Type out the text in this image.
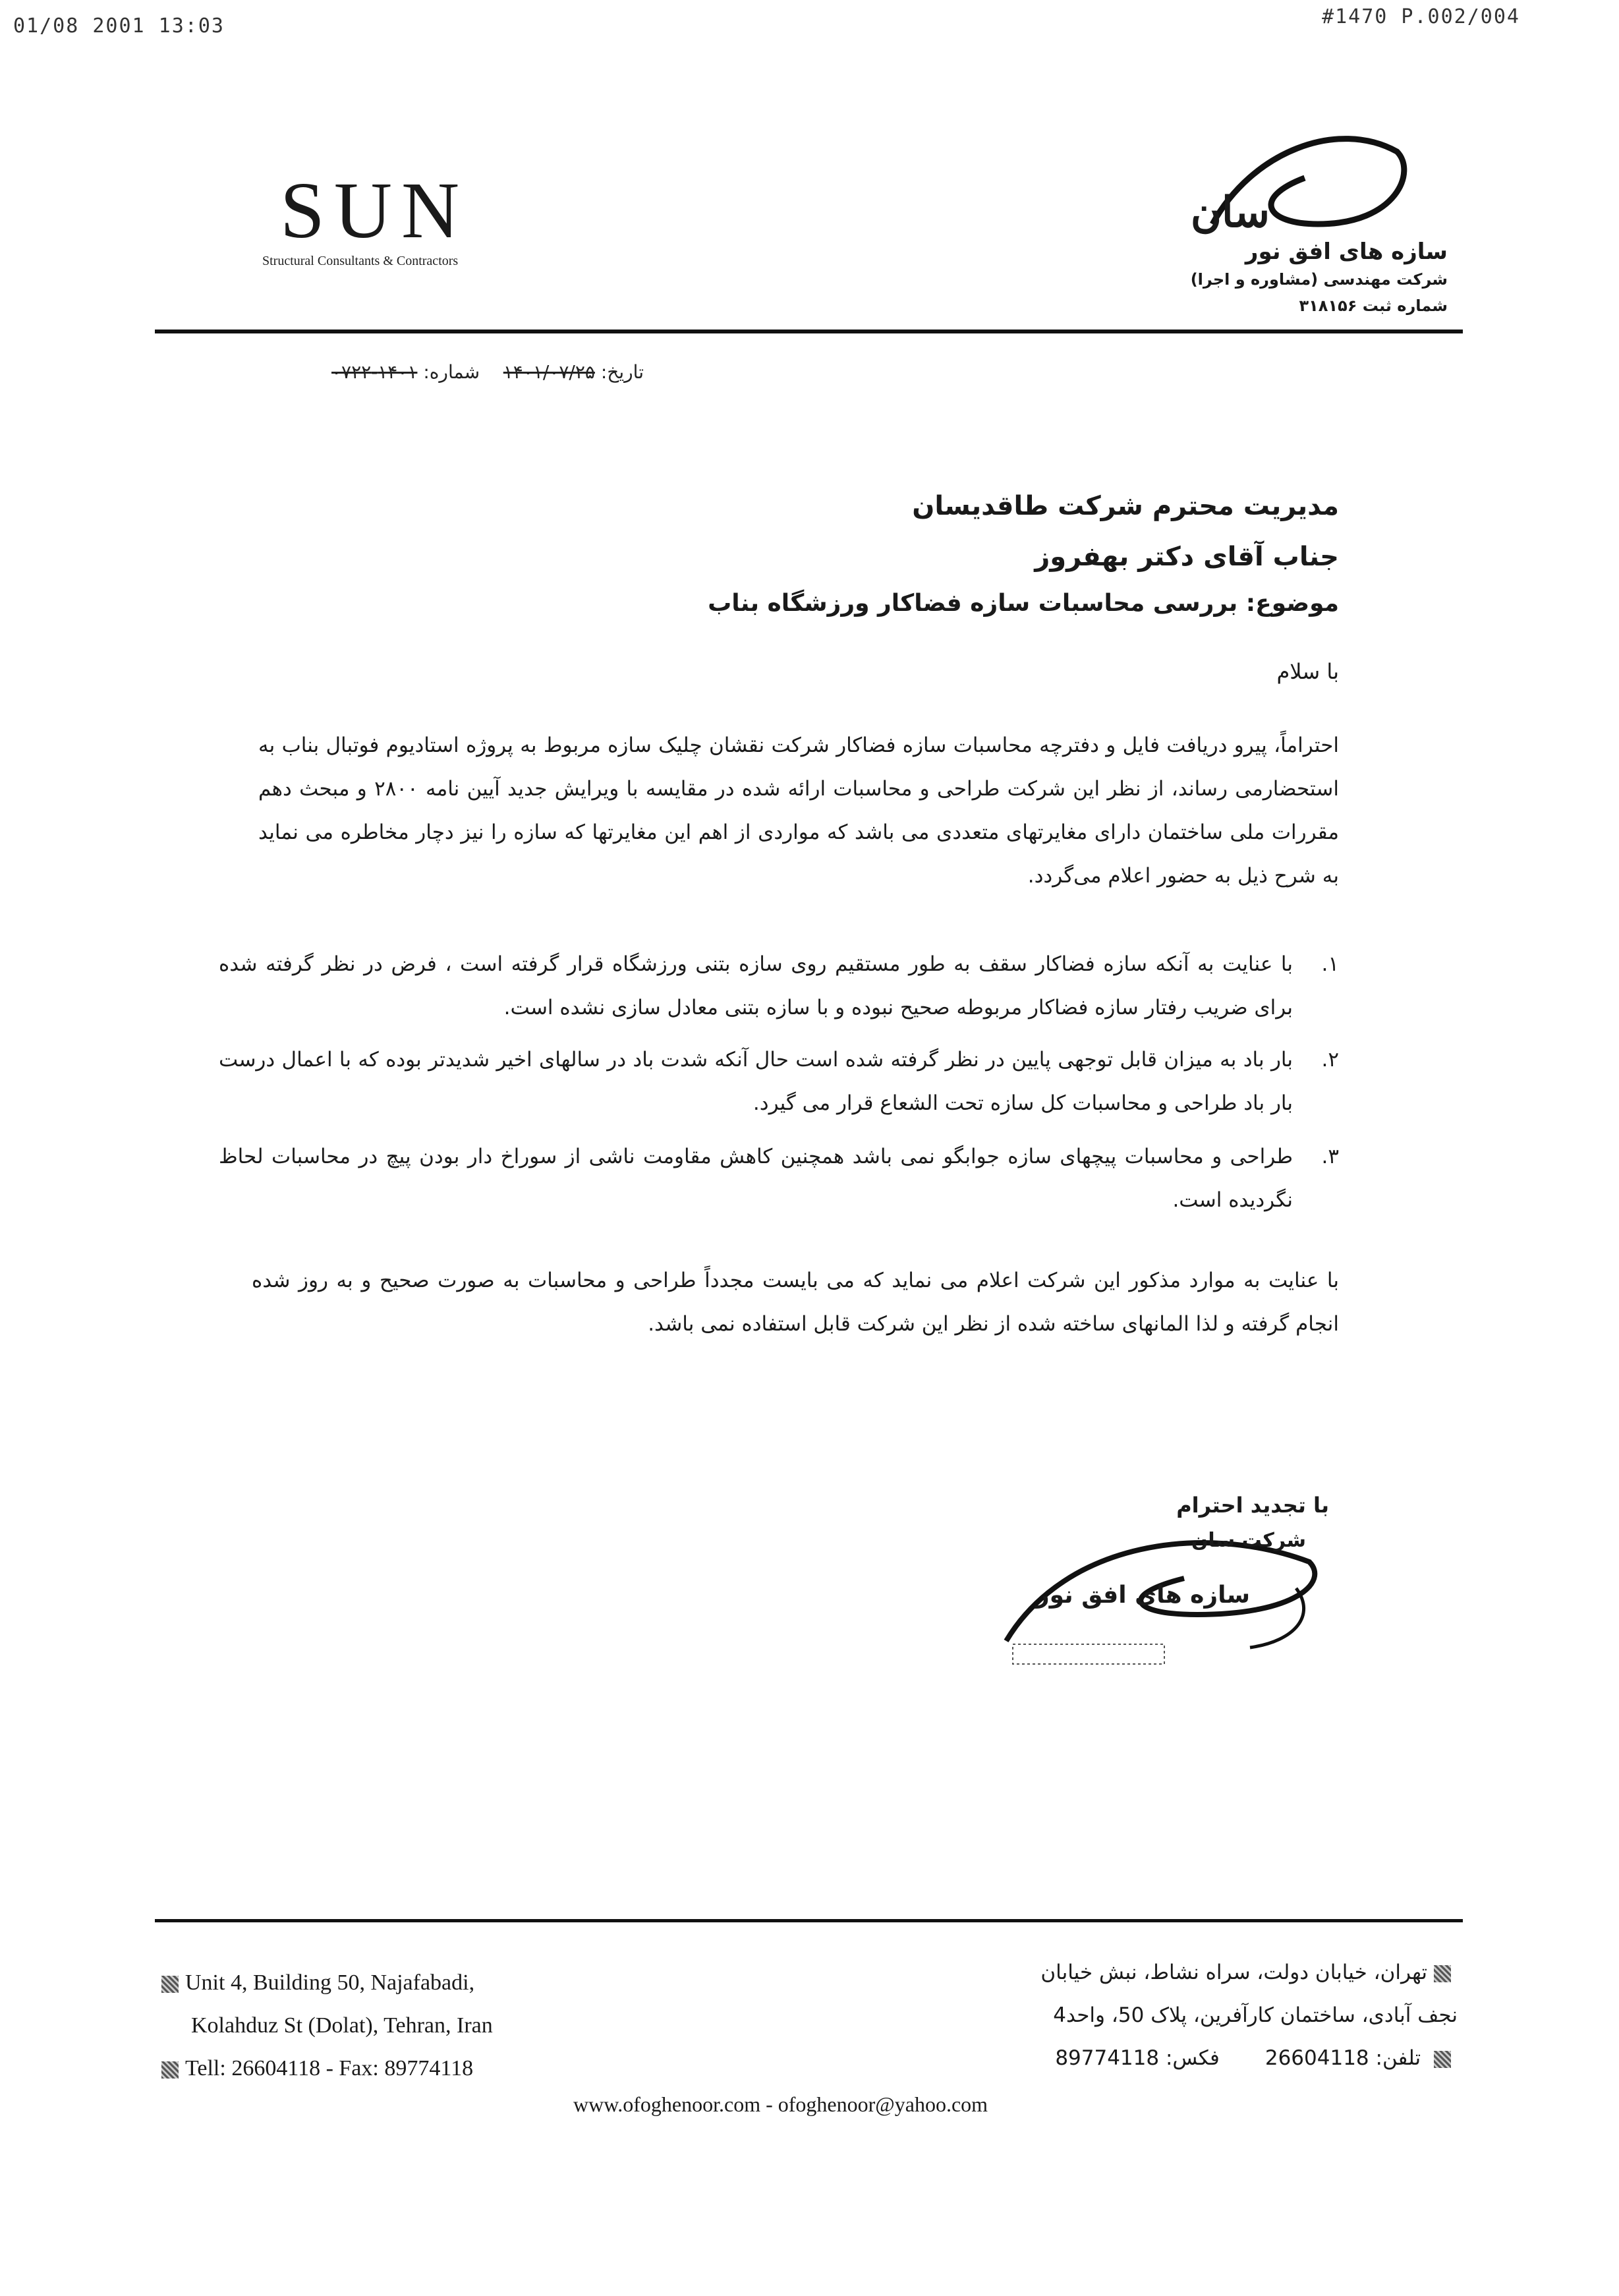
01/08 2001 13:03	#1470 P.002/004
SUN
Structural Consultants & Contractors
سان
سازه های افق نور
شرکت مهندسی (مشاوره و اجرا)
شماره ثبت ۳۱۸۱۵۶
تاریخ: ۱۴۰۱/۰۷/۲۵    شماره: ۱۴۰۱-۰۷۲۲
مدیریت محترم شرکت طاقدیسان
جناب آقای دکتر بهفروز
موضوع: بررسی محاسبات سازه فضاکار ورزشگاه بناب
با سلام
احتراماً، پیرو دریافت فایل و دفترچه محاسبات سازه فضاکار شرکت نقشان چلیک سازه مربوط به پروژه استادیوم فوتبال بناب به استحضارمی رساند، از نظر این شرکت طراحی و محاسبات ارائه شده در مقایسه با ویرایش جدید آیین نامه ۲۸۰۰ و مبحث دهم مقررات ملی ساختمان دارای مغایرتهای متعددی می باشد که مواردی از اهم این مغایرتها که سازه را نیز دچار مخاطره می نماید به شرح ذیل به حضور اعلام می‌گردد.
۱.
با عنایت به آنکه سازه فضاکار سقف به طور مستقیم روی سازه بتنی ورزشگاه قرار گرفته است ، فرض در نظر گرفته شده برای ضریب رفتار سازه فضاکار مربوطه صحیح نبوده و با سازه بتنی معادل سازی نشده است.
۲.
بار باد به میزان قابل توجهی پایین در نظر گرفته شده است حال آنکه شدت باد در سالهای اخیر شدیدتر بوده که با اعمال درست بار باد طراحی و محاسبات کل سازه تحت الشعاع قرار می گیرد.
۳.
طراحی و محاسبات پیچهای سازه جوابگو نمی باشد همچنین کاهش مقاومت ناشی از سوراخ دار بودن پیچ در محاسبات لحاظ نگردیده است.
با عنایت به موارد مذکور این شرکت اعلام می نماید که می بایست مجدداً طراحی و محاسبات به صورت صحیح و به روز شده انجام گرفته و لذا المانهای ساخته شده از نظر این شرکت قابل استفاده نمی باشد.
با تجدید احترام
شرکت سان
سازه های افق نور
Unit 4, Building 50, Najafabadi,
Kolahduz St (Dolat), Tehran, Iran
Tell: 26604118 - Fax: 89774118
تهران، خیابان دولت، سراه نشاط، نبش خیابان
نجف آبادی، ساختمان کارآفرین، پلاک 50، واحد4
تلفن: 26604118       فکس: 89774118
www.ofoghenoor.com - ofoghenoor@yahoo.com
